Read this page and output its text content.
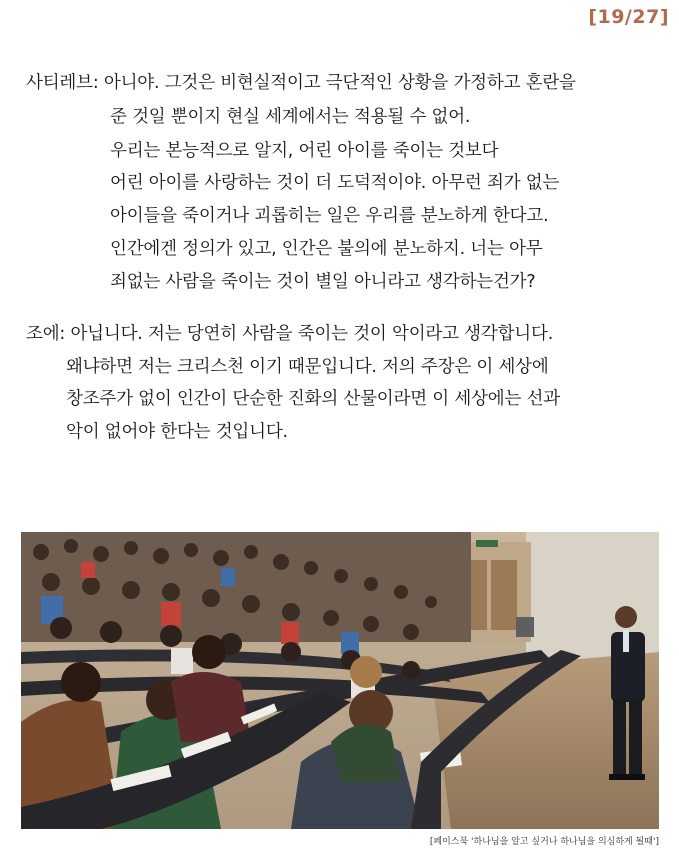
[19/27]
사티레브: 아니야. 그것은 비현실적이고 극단적인 상황을 가정하고 혼란을
준 것일 뿐이지 현실 세계에서는 적용될 수 없어.
우리는 본능적으로 알지, 어린 아이를 죽이는 것보다
어린 아이를 사랑하는 것이 더 도덕적이야. 아무런 죄가 없는
아이들을 죽이거나 괴롭히는 일은 우리를 분노하게 한다고.
인간에겐 정의가 있고, 인간은 불의에 분노하지. 너는 아무
죄없는 사람을 죽이는 것이 별일 아니라고 생각하는건가?
조에: 아닙니다. 저는 당연히 사람을 죽이는 것이 악이라고 생각합니다.
왜냐하면 저는 크리스천 이기 때문입니다. 저의 주장은 이 세상에
창조주가 없이 인간이 단순한 진화의 산물이라면 이 세상에는 선과
악이 없어야 한다는 것입니다.
[페이스북 '하나님을 알고 싶거나 하나님을 의심하게 될때']
